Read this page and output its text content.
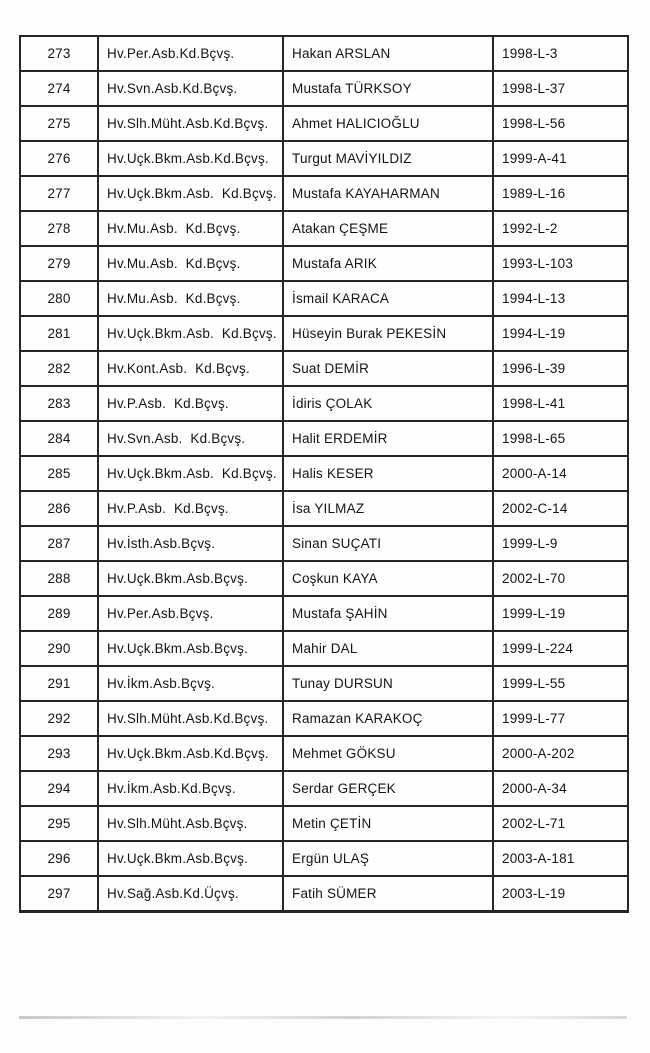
273	Hv.Per.Asb.Kd.Bçvş.	Hakan ARSLAN	1998-L-3
274	Hv.Svn.Asb.Kd.Bçvş.	Mustafa TÜRKSOY	1998-L-37
275	Hv.Slh.Müht.Asb.Kd.Bçvş.	Ahmet HALICIOĞLU	1998-L-56
276	Hv.Uçk.Bkm.Asb.Kd.Bçvş.	Turgut MAVİYILDIZ	1999-A-41
277	Hv.Uçk.Bkm.Asb.  Kd.Bçvş.	Mustafa KAYAHARMAN	1989-L-16
278	Hv.Mu.Asb.  Kd.Bçvş.	Atakan ÇEŞME	1992-L-2
279	Hv.Mu.Asb.  Kd.Bçvş.	Mustafa ARIK	1993-L-103
280	Hv.Mu.Asb.  Kd.Bçvş.	İsmail KARACA	1994-L-13
281	Hv.Uçk.Bkm.Asb.  Kd.Bçvş.	Hüseyin Burak PEKESİN	1994-L-19
282	Hv.Kont.Asb.  Kd.Bçvş.	Suat DEMİR	1996-L-39
283	Hv.P.Asb.  Kd.Bçvş.	İdiris ÇOLAK	1998-L-41
284	Hv.Svn.Asb.  Kd.Bçvş.	Halit ERDEMİR	1998-L-65
285	Hv.Uçk.Bkm.Asb.  Kd.Bçvş.	Halis KESER	2000-A-14
286	Hv.P.Asb.  Kd.Bçvş.	İsa YILMAZ	2002-C-14
287	Hv.İsth.Asb.Bçvş.	Sinan SUÇATI	1999-L-9
288	Hv.Uçk.Bkm.Asb.Bçvş.	Coşkun KAYA	2002-L-70
289	Hv.Per.Asb.Bçvş.	Mustafa ŞAHİN	1999-L-19
290	Hv.Uçk.Bkm.Asb.Bçvş.	Mahir DAL	1999-L-224
291	Hv.İkm.Asb.Bçvş.	Tunay DURSUN	1999-L-55
292	Hv.Slh.Müht.Asb.Kd.Bçvş.	Ramazan KARAKOÇ	1999-L-77
293	Hv.Uçk.Bkm.Asb.Kd.Bçvş.	Mehmet GÖKSU	2000-A-202
294	Hv.İkm.Asb.Kd.Bçvş.	Serdar GERÇEK	2000-A-34
295	Hv.Slh.Müht.Asb.Bçvş.	Metin ÇETİN	2002-L-71
296	Hv.Uçk.Bkm.Asb.Bçvş.	Ergün ULAŞ	2003-A-181
297	Hv.Sağ.Asb.Kd.Üçvş.	Fatih SÜMER	2003-L-19
